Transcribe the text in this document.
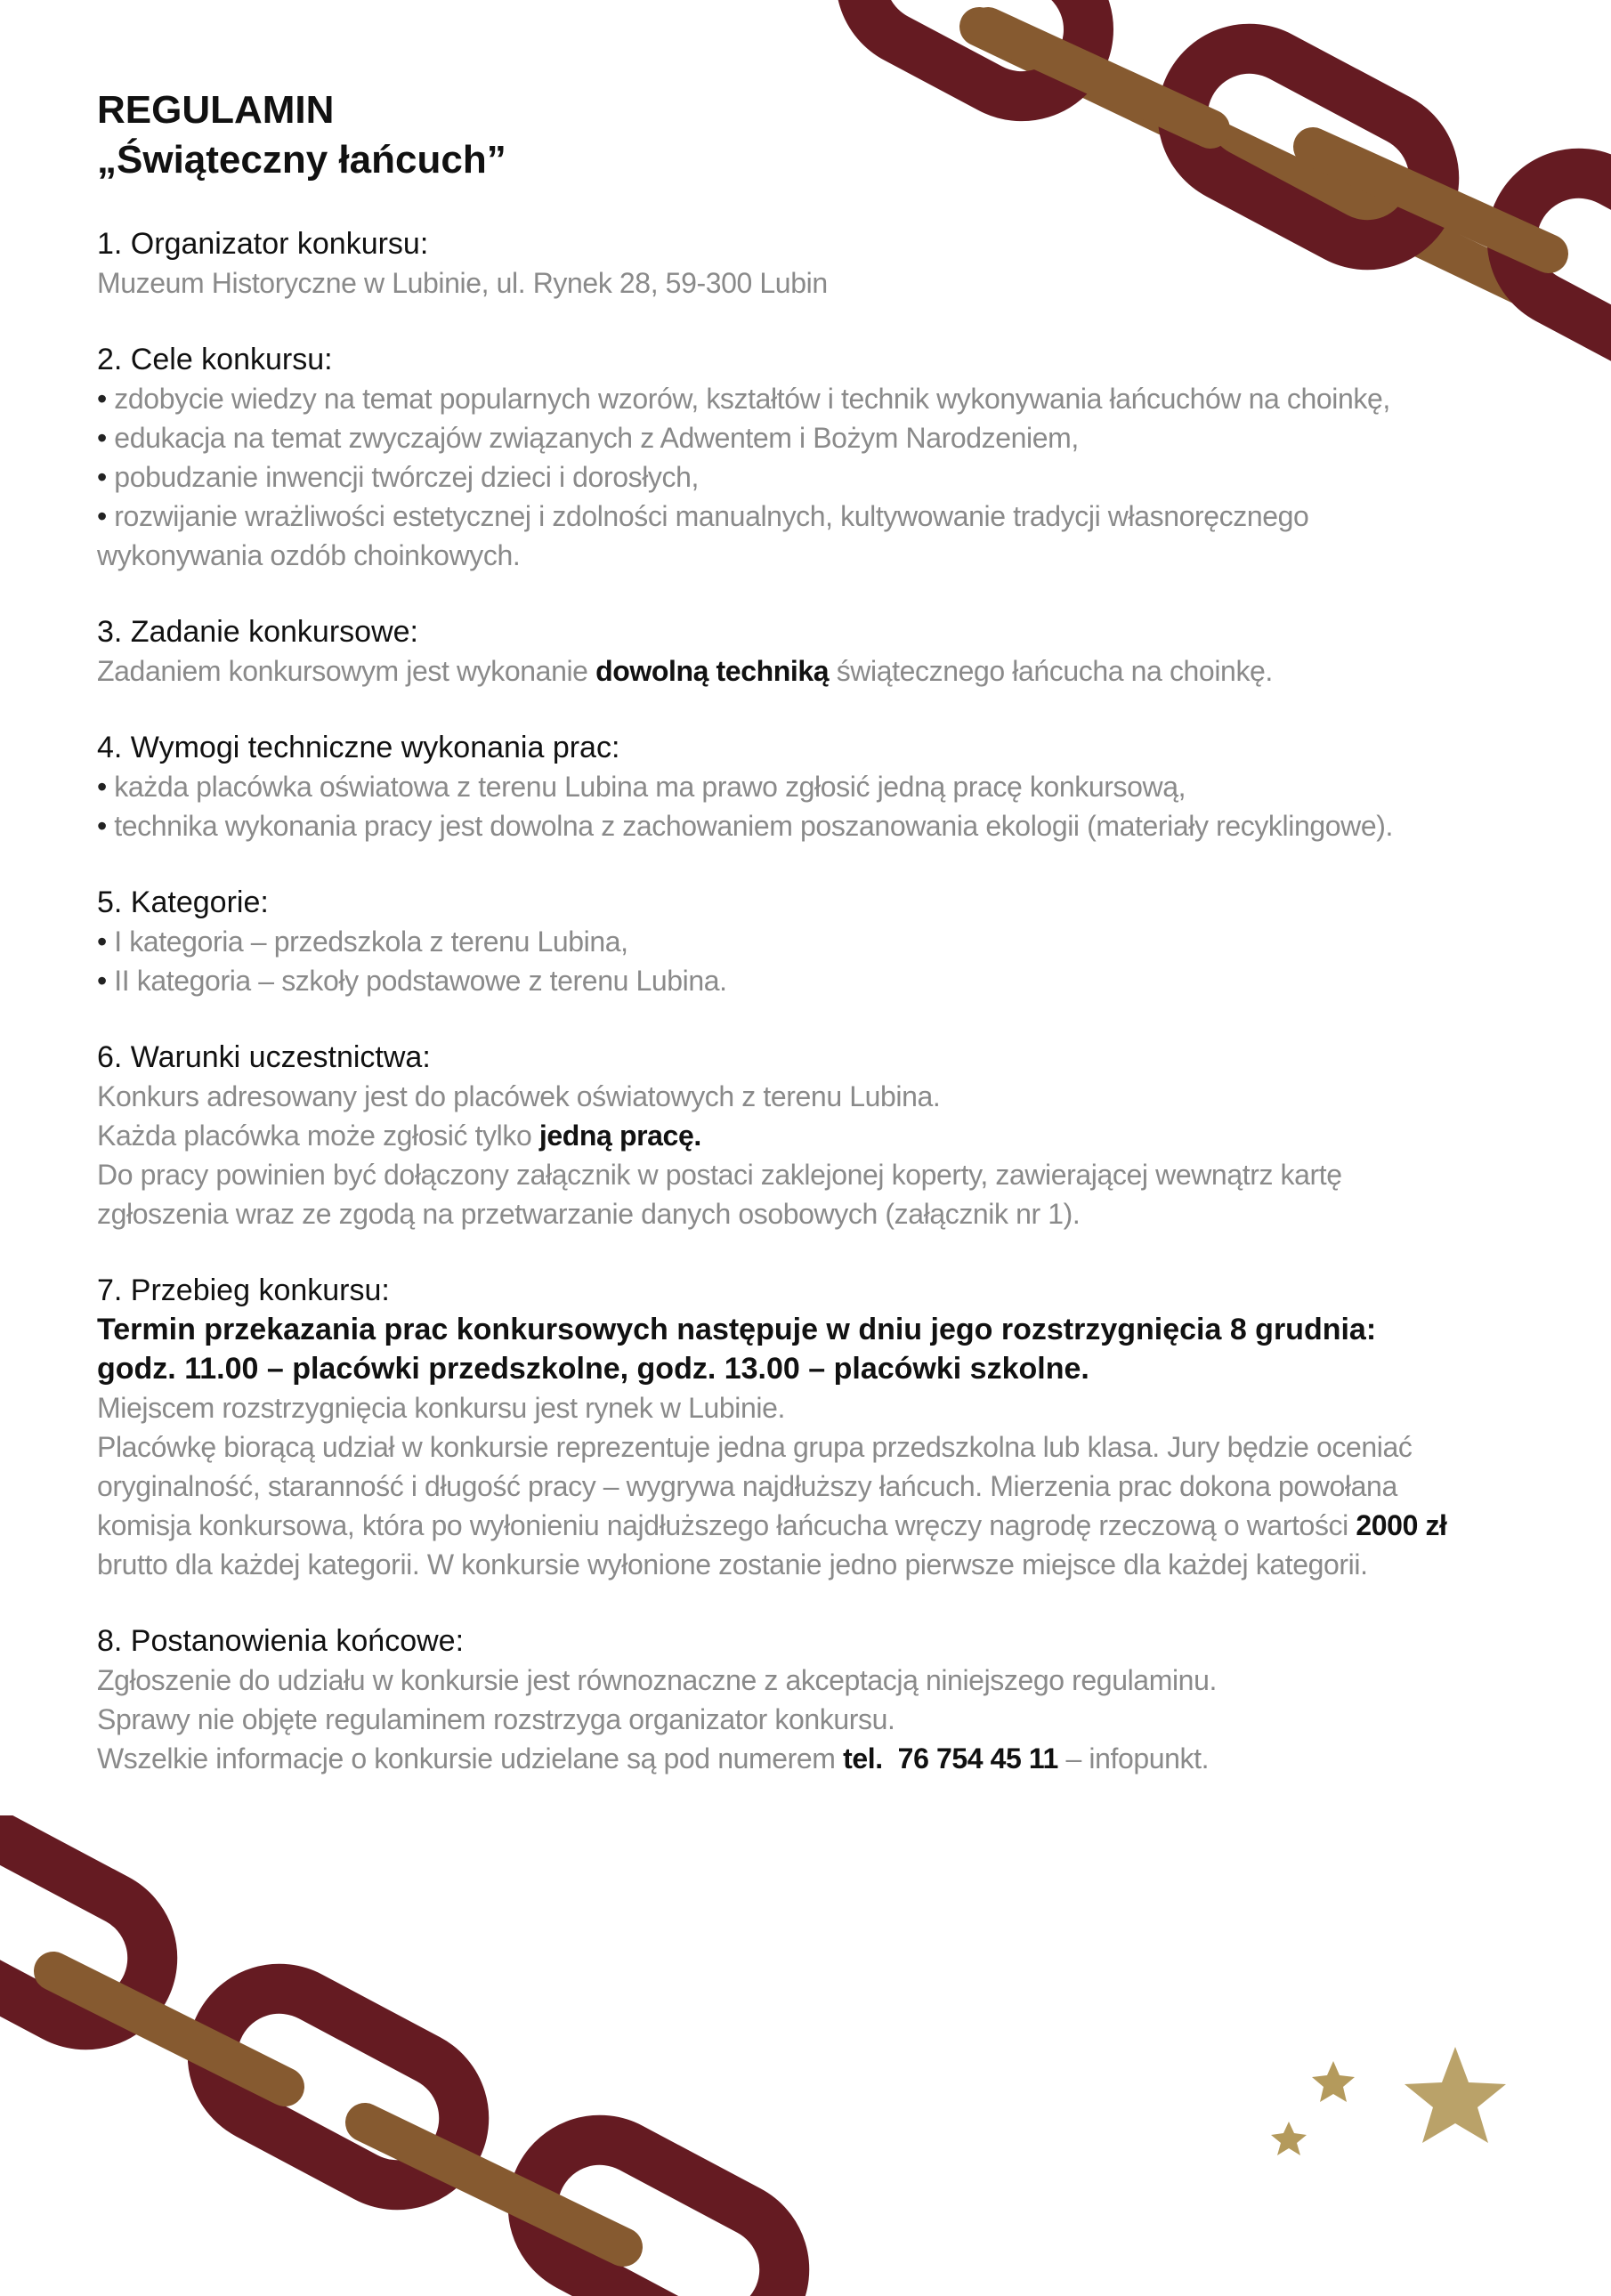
REGULAMIN
„Świąteczny łańcuch”

1. Organizator konkursu:

Muzeum Historyczne w Lubinie, ul. Rynek 28, 59-300 Lubin

2. Cele konkursu:

• zdobycie wiedzy na temat popularnych wzorów, kształtów i technik wykonywania łańcuchów na choinkę,

• edukacja na temat zwyczajów związanych z Adwentem i Bożym Narodzeniem,

• pobudzanie inwencji twórczej dzieci i dorosłych,

• rozwijanie wrażliwości estetycznej i zdolności manualnych, kultywowanie tradycji własnoręcznego wykonywania ozdób choinkowych.

3. Zadanie konkursowe:

Zadaniem konkursowym jest wykonanie dowolną techniką świątecznego łańcucha na choinkę.

4. Wymogi techniczne wykonania prac:

• każda placówka oświatowa z terenu Lubina ma prawo zgłosić jedną pracę konkursową,

• technika wykonania pracy jest dowolna z zachowaniem poszanowania ekologii (materiały recyklingowe).

5. Kategorie:

• I kategoria – przedszkola z terenu Lubina,

• II kategoria – szkoły podstawowe z terenu Lubina.

6. Warunki uczestnictwa:

Konkurs adresowany jest do placówek oświatowych z terenu Lubina.

Każda placówka może zgłosić tylko jedną pracę.

Do pracy powinien być dołączony załącznik w postaci zaklejonej koperty, zawierającej wewnątrz kartę zgłoszenia wraz ze zgodą na przetwarzanie danych osobowych (załącznik nr 1).

7. Przebieg konkursu:

Termin przekazania prac konkursowych następuje w dniu jego rozstrzygnięcia 8 grudnia:

godz. 11.00 – placówki przedszkolne, godz. 13.00 – placówki szkolne.

Miejscem rozstrzygnięcia konkursu jest rynek w Lubinie.

Placówkę biorącą udział w konkursie reprezentuje jedna grupa przedszkolna lub klasa. Jury będzie oceniać oryginalność, staranność i długość pracy – wygrywa najdłuższy łańcuch. Mierzenia prac dokona powołana komisja konkursowa, która po wyłonieniu najdłuższego łańcucha wręczy nagrodę rzeczową o wartości 2000 zł brutto dla każdej kategorii. W konkursie wyłonione zostanie jedno pierwsze miejsce dla każdej kategorii.

8. Postanowienia końcowe:

Zgłoszenie do udziału w konkursie jest równoznaczne z akceptacją niniejszego regulaminu.

Sprawy nie objęte regulaminem rozstrzyga organizator konkursu.

Wszelkie informacje o konkursie udzielane są pod numerem tel.  76 754 45 11 – infopunkt.
